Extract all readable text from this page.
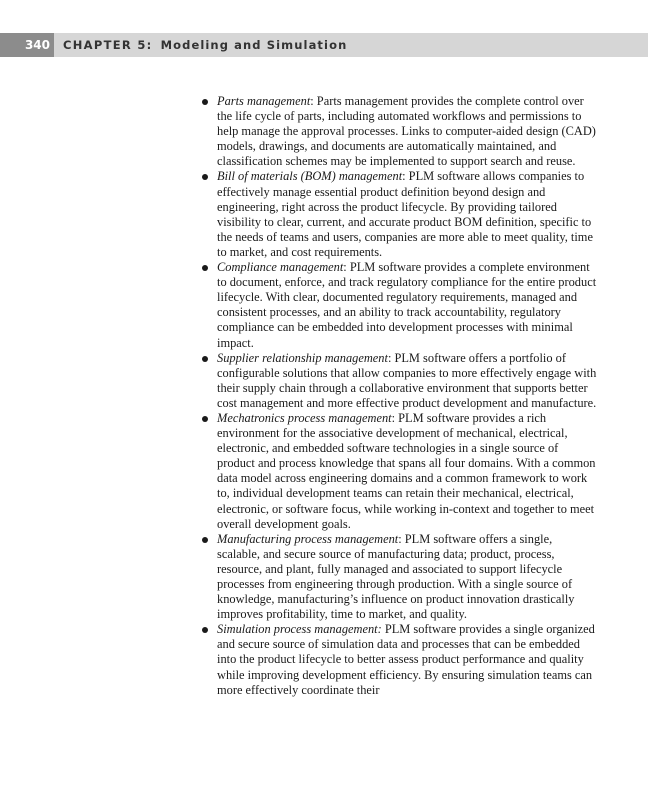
340	CHAPTER 5: Modeling and Simulation
Parts management: Parts management provides the complete control over the life cycle of parts, including automated workflows and permissions to help manage the approval processes. Links to computer-aided design (CAD) models, drawings, and documents are automatically maintained, and classification schemes may be implemented to support search and reuse.
Bill of materials (BOM) management: PLM software allows companies to effectively manage essential product definition beyond design and engineering, right across the product lifecycle. By providing tailored visibility to clear, current, and accurate product BOM definition, specific to the needs of teams and users, companies are more able to meet quality, time to market, and cost requirements.
Compliance management: PLM software provides a complete environment to document, enforce, and track regulatory compliance for the entire product lifecycle. With clear, documented regulatory requirements, managed and consistent processes, and an ability to track accountability, regulatory compliance can be embedded into development processes with minimal impact.
Supplier relationship management: PLM software offers a portfolio of configurable solutions that allow companies to more effectively engage with their supply chain through a collaborative environment that supports better cost management and more effective product development and manufacture.
Mechatronics process management: PLM software provides a rich environment for the associative development of mechanical, electrical, electronic, and embedded software technologies in a single source of product and process knowledge that spans all four domains. With a common data model across engineering domains and a common framework to work to, individual development teams can retain their mechanical, electrical, electronic, or software focus, while working in-context and together to meet overall development goals.
Manufacturing process management: PLM software offers a single, scalable, and secure source of manufacturing data; product, process, resource, and plant, fully managed and associated to support lifecycle processes from engineering through production. With a single source of knowledge, manufacturing’s influence on product innovation drastically improves profitability, time to market, and quality.
Simulation process management: PLM software provides a single organized and secure source of simulation data and processes that can be embedded into the product lifecycle to better assess product performance and quality while improving development efficiency. By ensuring simulation teams can more effectively coordinate their
